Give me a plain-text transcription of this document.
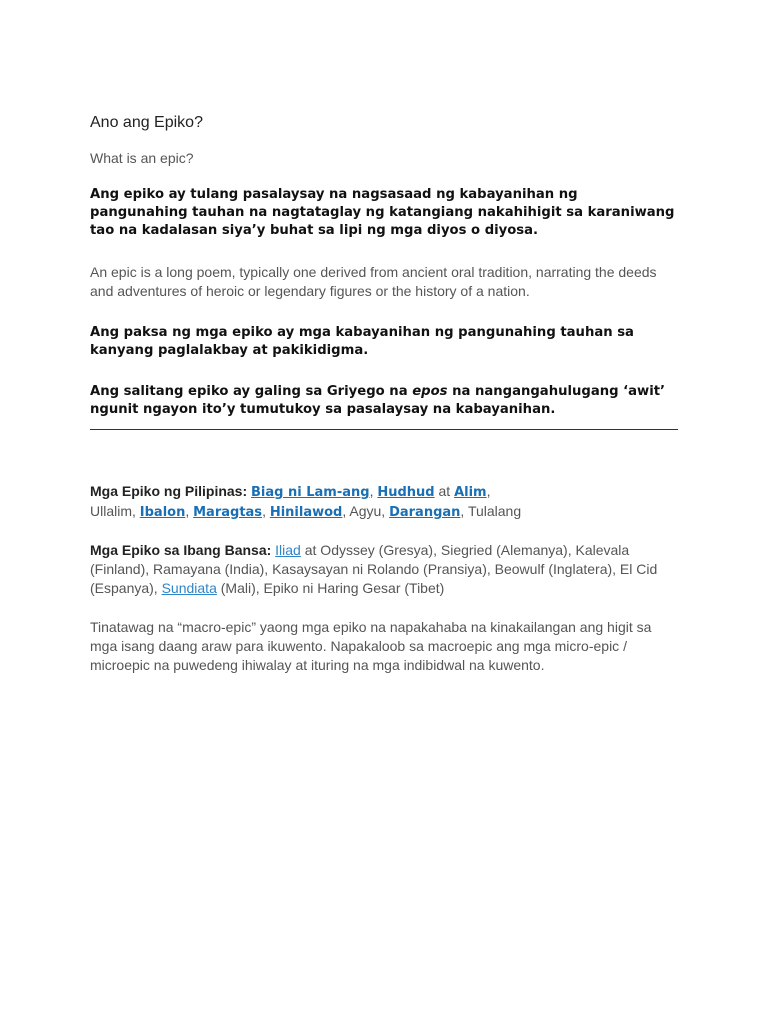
Ano ang Epiko?

What is an epic?

Ang epiko ay tulang pasalaysay na nagsasaad ng kabayanihan ng pangunahing tauhan na nagtataglay ng katangiang nakahihigit sa karaniwang tao na kadalasan siya’y buhat sa lipi ng mga diyos o diyosa.

An epic is a long poem, typically one derived from ancient oral tradition, narrating the deeds and adventures of heroic or legendary figures or the history of a nation.

Ang paksa ng mga epiko ay mga kabayanihan ng pangunahing tauhan sa kanyang paglalakbay at pakikidigma.

Ang salitang epiko ay galing sa Griyego na epos na nangangahulugang ‘awit’ ngunit ngayon ito’y tumutukoy sa pasalaysay na kabayanihan.

Mga Epiko ng Pilipinas: Biag ni Lam-ang, Hudhud at Alim,
Ullalim, Ibalon, Maragtas, Hinilawod, Agyu, Darangan, Tulalang
Mga Epiko sa Ibang Bansa: Iliad at Odyssey (Gresya), Siegried (Alemanya), Kalevala (Finland), Ramayana (India), Kasaysayan ni Rolando (Pransiya), Beowulf (Inglatera), El Cid (Espanya), Sundiata (Mali), Epiko ni Haring Gesar (Tibet)

Tinatawag na “macro-epic” yaong mga epiko na napakahaba na kinakailangan ang higit sa mga isang daang araw para ikuwento. Napakaloob sa macroepic ang mga micro-epic / microepic na puwedeng ihiwalay at ituring na mga indibidwal na kuwento.
